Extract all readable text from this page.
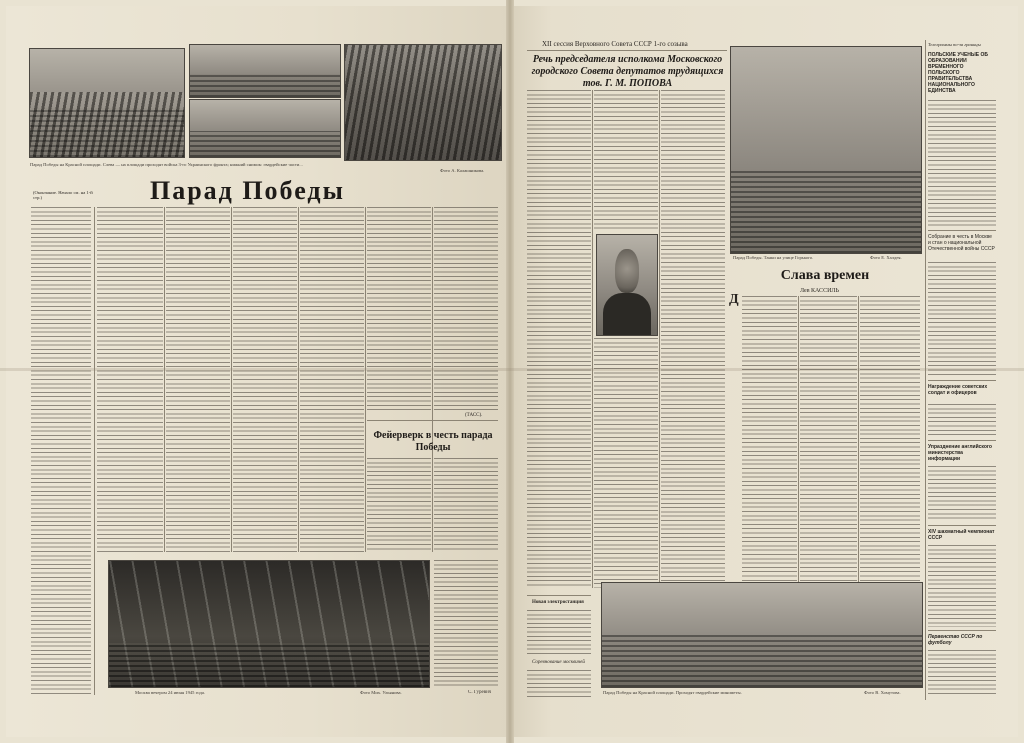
Парад Победы на Красной площади. Слева — на площади проходят войска 3-го Украинского фронта; нижний снимок: гвардейские части...
Фото А. Калашникова.
Парад Победы
(Окончание. Начало см. на 1-й стр.)
(ТАСС).
Фейерверк в честь парада Победы
Москва вечером 24 июня 1945 года.	Фото Мих. Ульянова.	С. Гуревич
XII сессия Верховного Совета СССР 1-го созыва
Речь председателя исполкома Московского городского Совета депутатов трудящихся тов. Г. М. ПОПОВА
Новая электростанция
Соревнование москвичей
Парад Победы. Танки на улице Горького.	Фото Е. Халдея.
Слава времен
Лев КАССИЛЬ
Д
Парад Победы на Красной площади. Проходят гвардейские минометы.	Фото В. Хомутова.
Телеграммы по-за границы
ПОЛЬСКИЕ УЧЕНЫЕ ОБ ОБРАЗОВАНИИ ВРЕМЕННОГО ПОЛЬСКОГО ПРАВИТЕЛЬСТВА НАЦИОНАЛЬНОГО ЕДИНСТВА
Собрание в честь в Москве и стан о национальной Отечественной войны СССР
Награждение советских солдат и офицеров
Упразднение английского министерства информации
XIV шахматный чемпионат СССР
Первенство СССР по футболу
